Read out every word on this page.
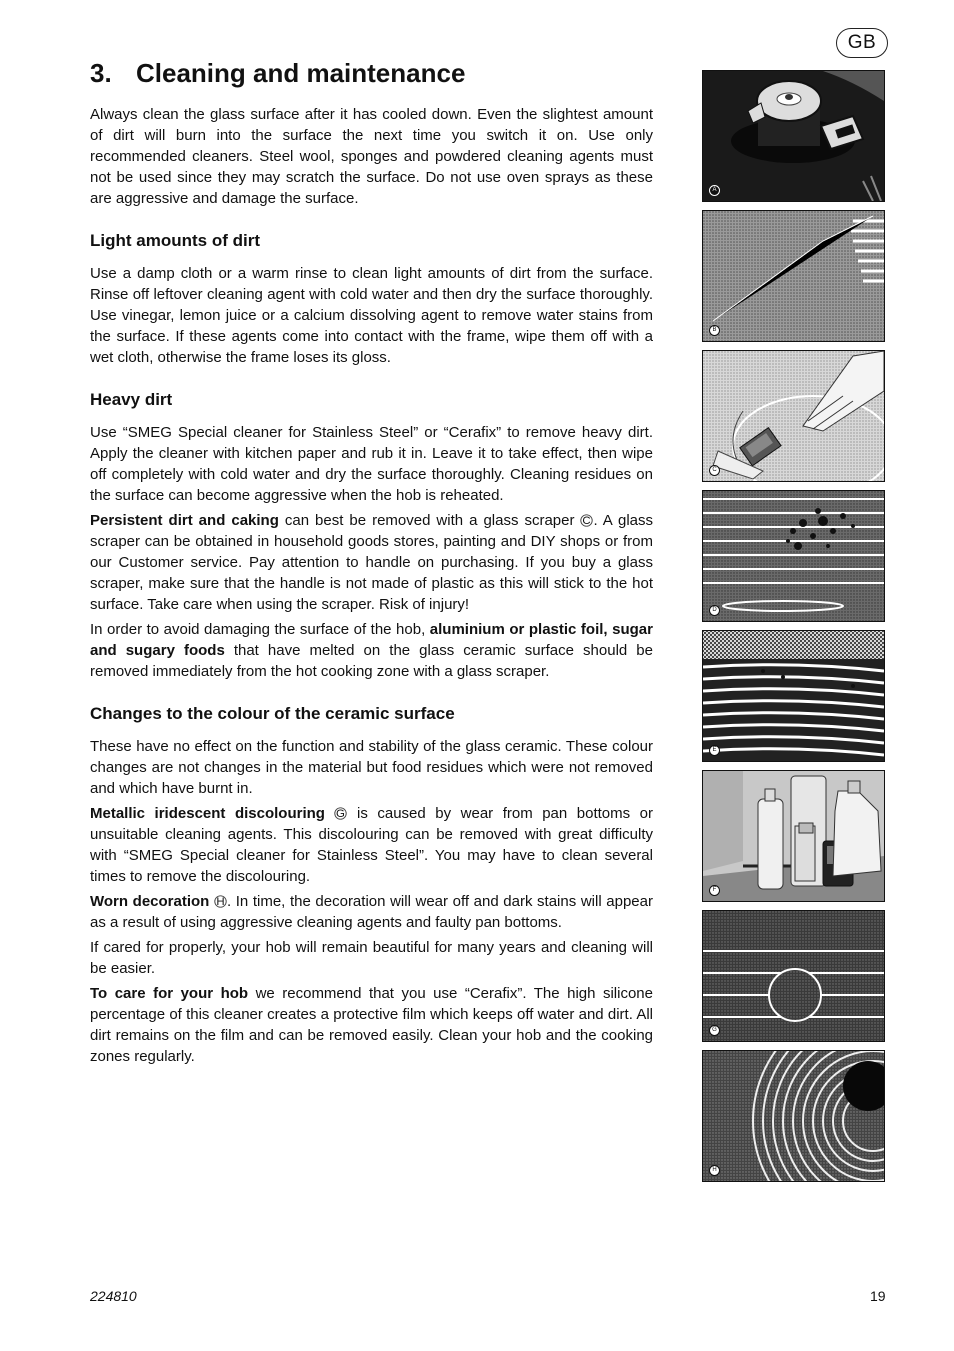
GB
3. Cleaning and maintenance

Always clean the glass surface after it has cooled down. Even the slightest amount of dirt will burn into the surface the next time you switch it on. Use only recommended cleaners. Steel wool, sponges and powdered cleaning agents must not be used since they may scratch the surface. Do not use oven sprays as these are aggressive and damage the surface.

Light amounts of dirt

Use a damp cloth or a warm rinse to clean light amounts of dirt from the surface. Rinse off leftover cleaning agent with cold water and then dry the surface thoroughly. Use vinegar, lemon juice or a calcium dissolving agent to remove water stains from the surface. If these agents come into contact with the frame, wipe them off with a wet cloth, otherwise the frame loses its gloss.

Heavy dirt

Use “SMEG Special cleaner for Stainless Steel” or “Cerafix” to remove heavy dirt. Apply the cleaner with kitchen paper and rub it in. Leave it to take effect, then wipe off completely with cold water and dry the surface thoroughly. Cleaning residues on the surface can become aggressive when the hob is reheated.

Persistent dirt and caking can best be removed with a glass scraper C . A glass scraper can be obtained in household goods stores, painting and DIY shops or from our Customer service. Pay attention to handle on purchasing. If you buy a glass scraper, make sure that the handle is not made of plastic as this will stick to the hot surface. Take care when using the scraper. Risk of injury!

In order to avoid damaging the surface of the hob, aluminium or plastic foil, sugar and sugary foods that have melted on the glass ceramic surface should be removed immediately from the hot cooking zone with a glass scraper.

Changes to the colour of the ceramic surface

These have no effect on the function and stability of the glass ceramic. These colour changes are not changes in the material but food residues which were not removed and which have burnt in.

Metallic iridescent discolouring G is caused by wear from pan bottoms or unsuitable cleaning agents. This discolouring can be removed with great difficulty with “SMEG Special cleaner for Stainless Steel”. You may have to clean several times to remove the discolouring.

Worn decoration H . In time, the decoration will wear off and dark stains will appear as a result of using aggressive cleaning agents and faulty pan bottoms.

If cared for properly, your hob will remain beautiful for many years and cleaning will be easier.

To care for your hob we recommend that you use “Cerafix”. The high silicone percentage of this cleaner creates a protective film which keeps off water and dirt. All dirt remains on the film and can be removed easily. Clean your hob and the cooking zones regularly.

A
B
C
D
E
F
G
H
224810	19
